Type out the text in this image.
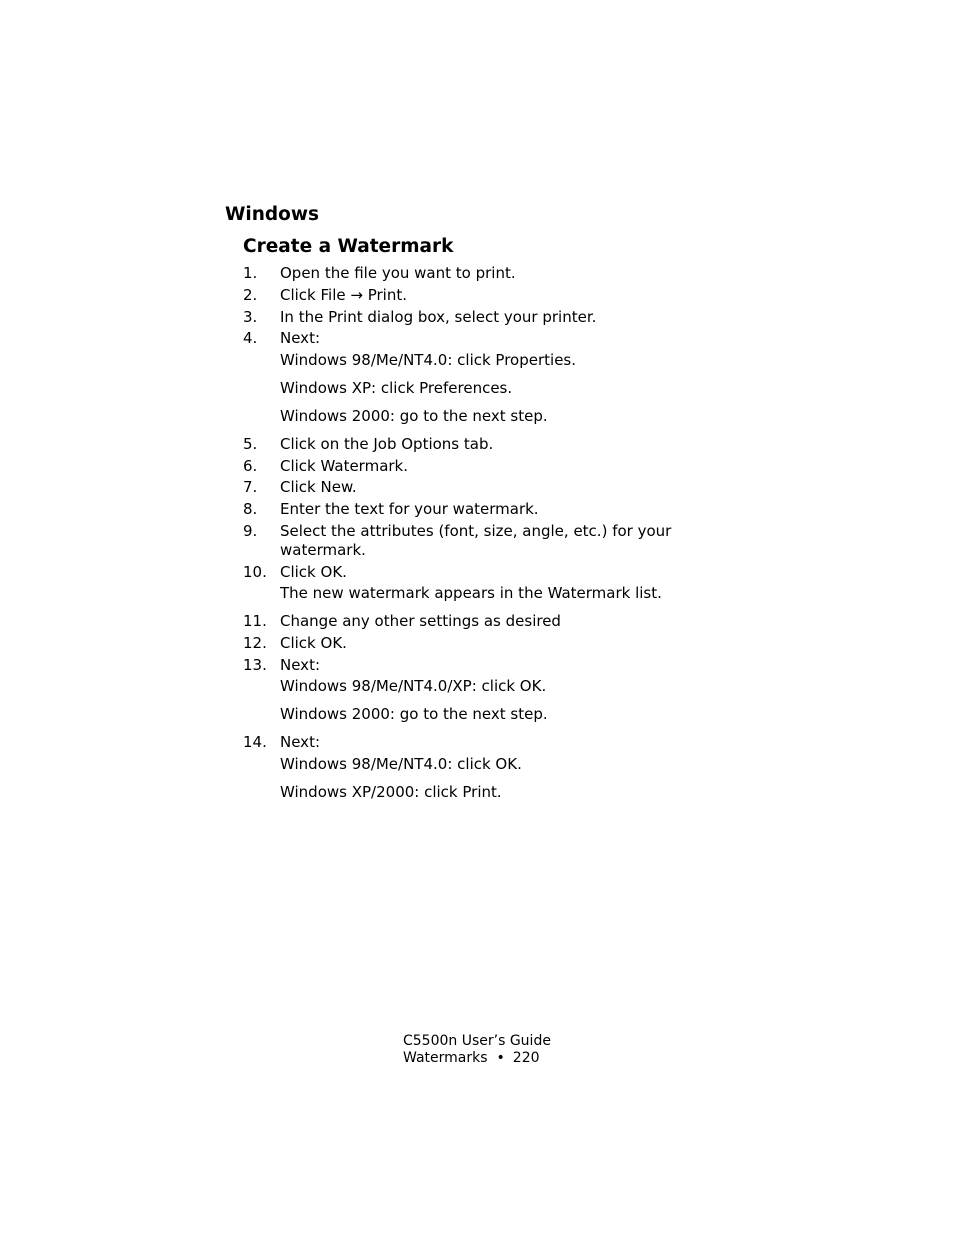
Windows
Create a Watermark
1. Open the file you want to print.
2. Click File → Print.
3. In the Print dialog box, select your printer.
4. Next:
Windows 98/Me/NT4.0: click Properties.
Windows XP: click Preferences.
Windows 2000: go to the next step.
5. Click on the Job Options tab.
6. Click Watermark.
7. Click New.
8. Enter the text for your watermark.
9. Select the attributes (font, size, angle, etc.) for your watermark.
10. Click OK.
The new watermark appears in the Watermark list.
11. Change any other settings as desired
12. Click OK.
13. Next:
Windows 98/Me/NT4.0/XP: click OK.
Windows 2000: go to the next step.
14. Next:
Windows 98/Me/NT4.0: click OK.
Windows XP/2000: click Print.
C5500n User’s Guide
Watermarks • 220
